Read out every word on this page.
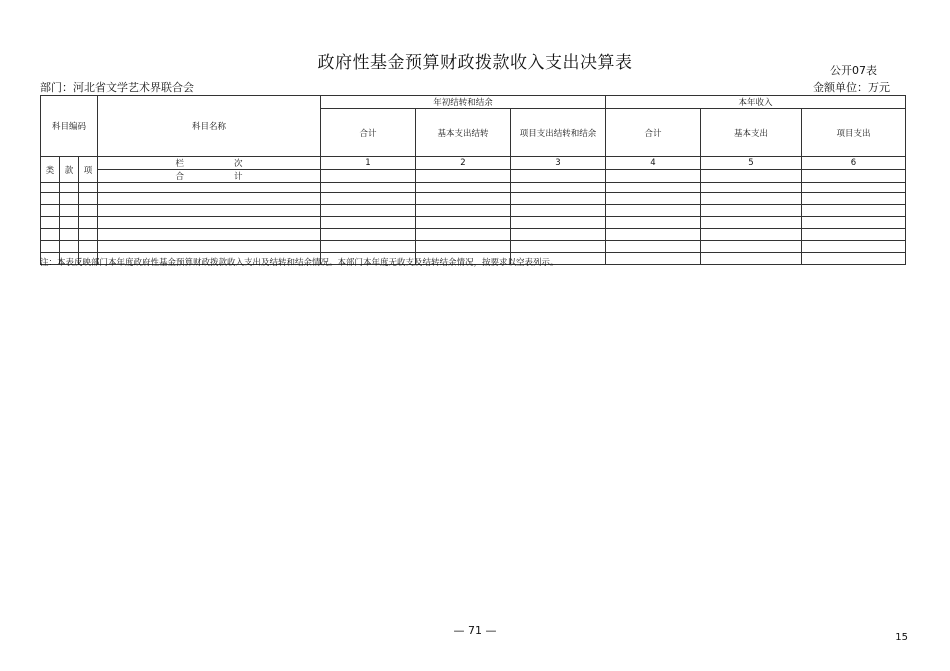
政府性基金预算财政拨款收入支出决算表	公开07表
部门：河北省文学艺术界联合会	金额单位：万元
科目编码			科目名称	年初结转和结余			本年收入		
				合计	基本支出结转	项目支出结转和结余	合计	基本支出	项目支出
类	款	项	栏 次	1	2	3	4	5	6
			合 计						

注：本表反映部门本年度政府性基金预算财政拨款收入支出及结转和结余情况。本部门本年度无收支及结转结余情况，按要求以空表列示。
— 71 —
15
